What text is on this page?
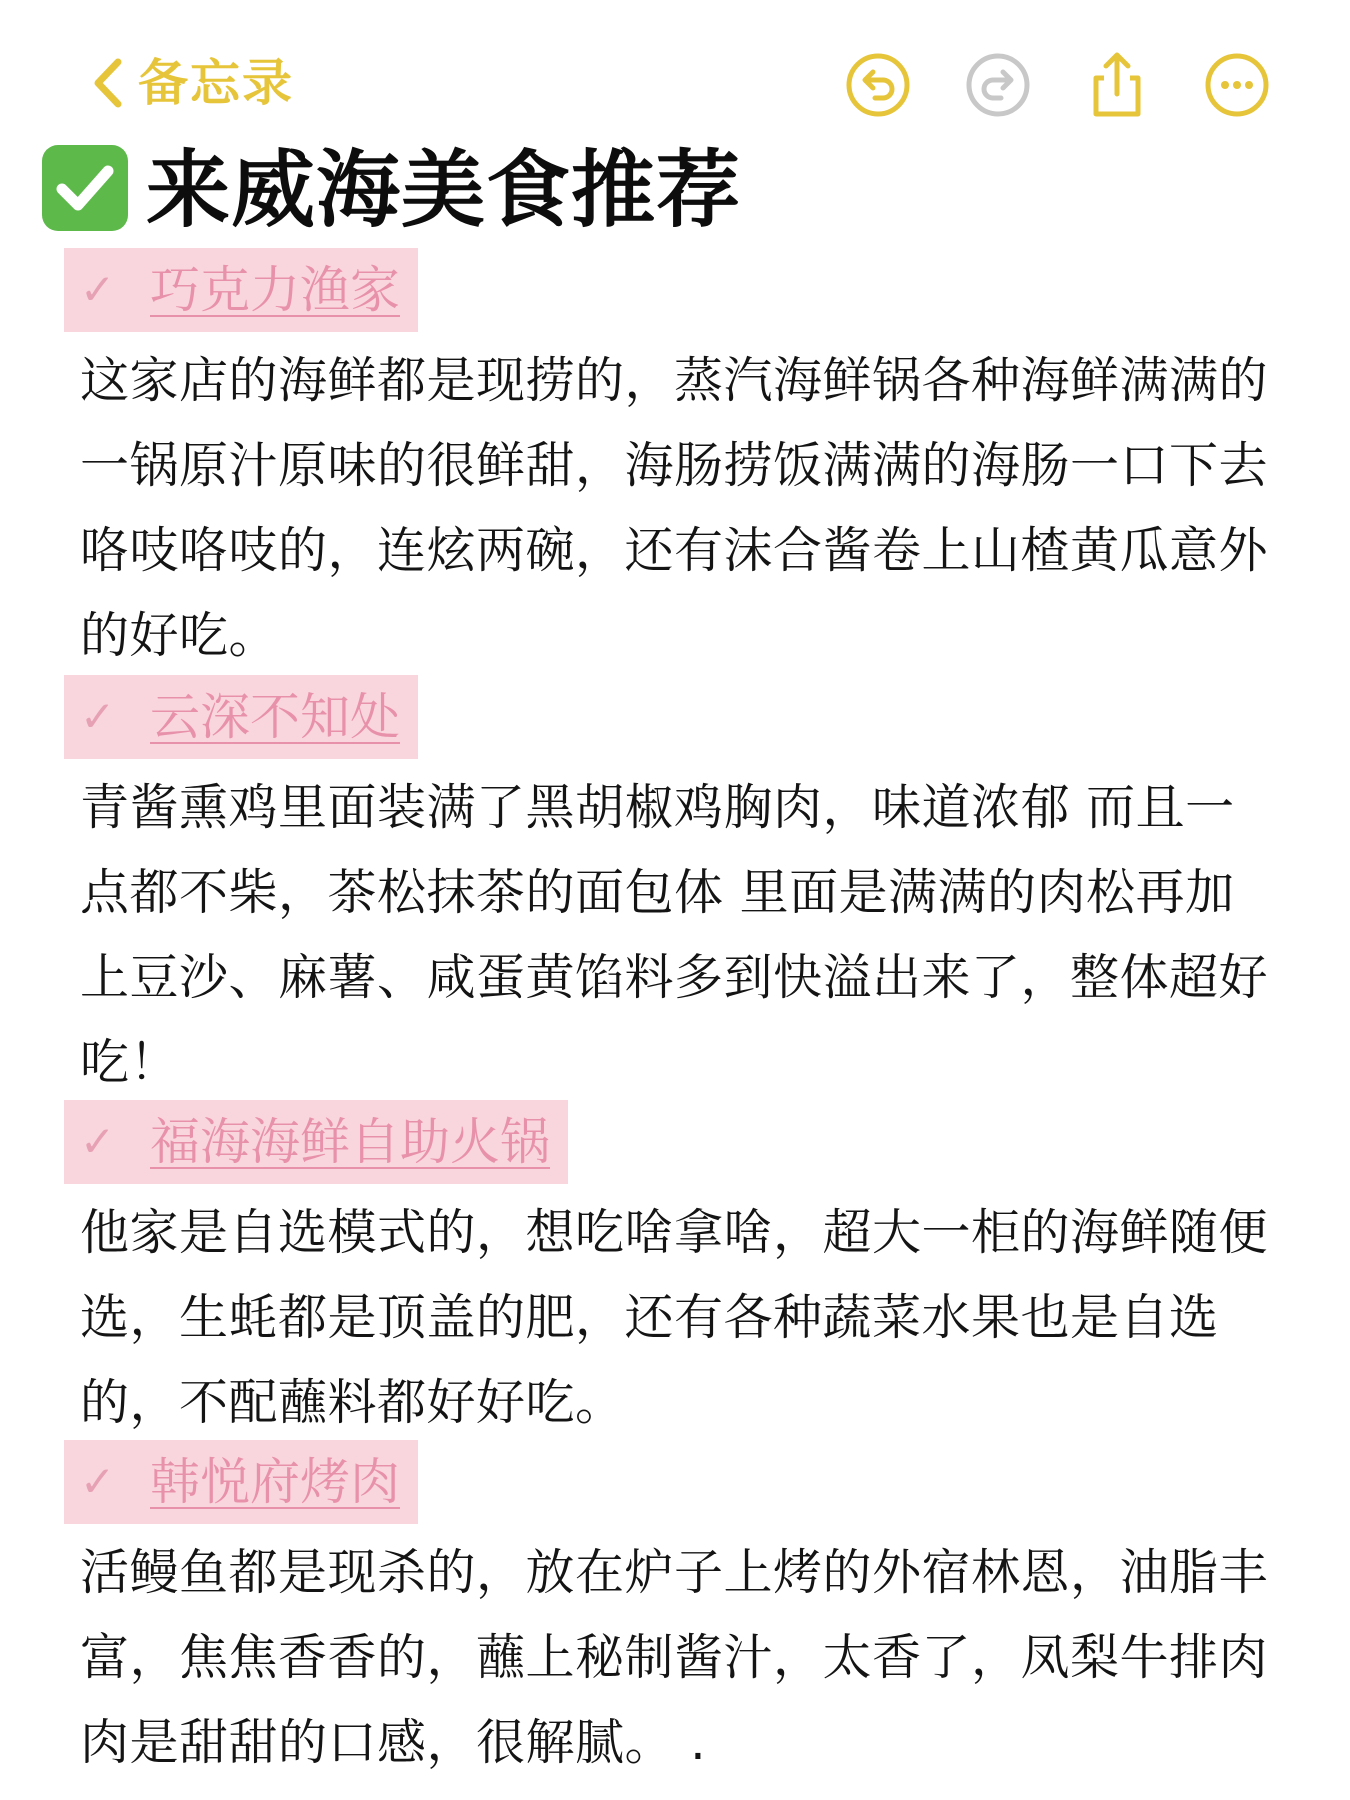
备忘录
来威海美食推荐
✓ 巧克力渔家

这家店的海鲜都是现捞的，蒸汽海鲜锅各种海鲜满满的一锅原汁原味的很鲜甜，海肠捞饭满满的海肠一口下去咯吱咯吱的，连炫两碗，还有沫合酱卷上山楂黄瓜意外的好吃。

✓ 云深不知处

青酱熏鸡里面装满了黑胡椒鸡胸肉，味道浓郁 而且一点都不柴，茶松抹茶的面包体 里面是满满的肉松再加上豆沙、麻薯、咸蛋黄馅料多到快溢出来了，整体超好吃！

✓ 福海海鲜自助火锅

他家是自选模式的，想吃啥拿啥，超大一柜的海鲜随便选，生蚝都是顶盖的肥，还有各种蔬菜水果也是自选的，不配蘸料都好好吃。

✓ 韩悦府烤肉

活鳗鱼都是现杀的，放在炉子上烤的外宿林恩，油脂丰富，焦焦香香的，蘸上秘制酱汁，太香了，凤梨牛排肉肉是甜甜的口感，很解腻。 .
